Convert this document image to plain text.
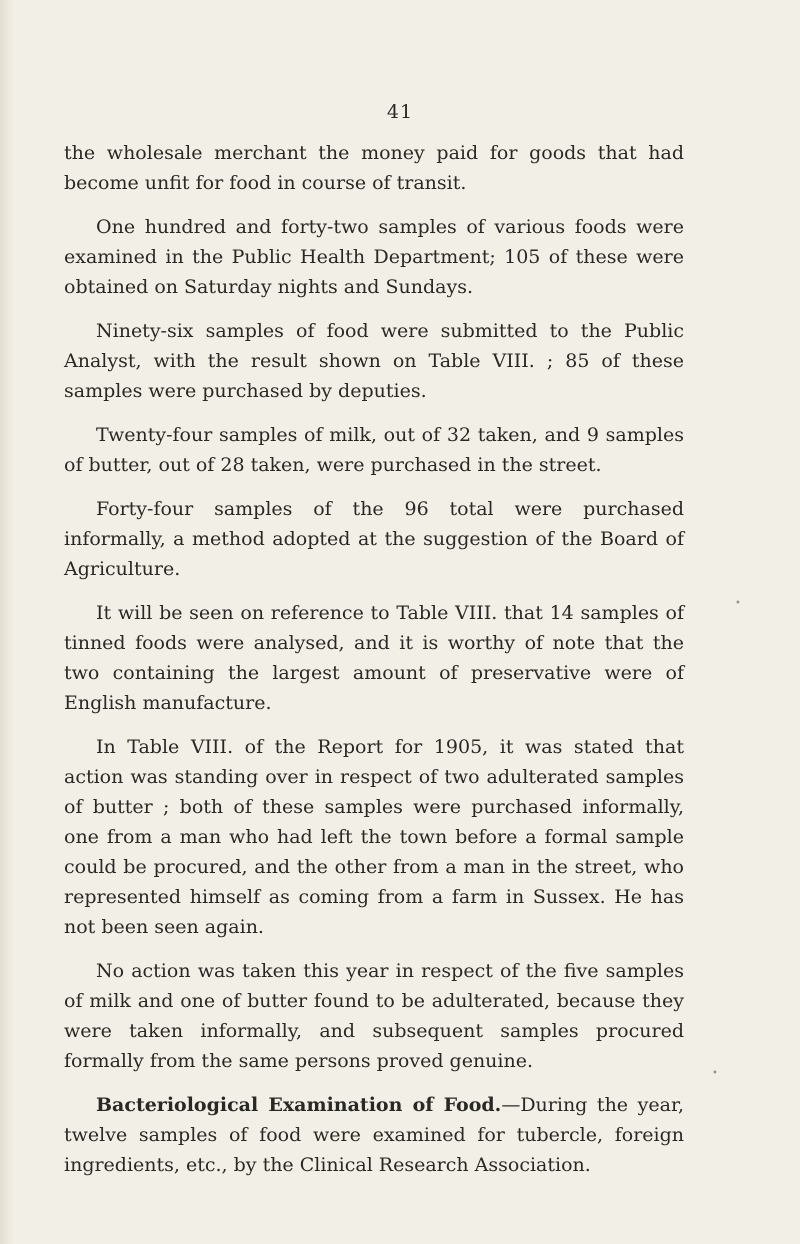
41

the wholesale merchant the money paid for goods that had become unfit for food in course of transit.

One hundred and forty-two samples of various foods were examined in the Public Health Department; 105 of these were obtained on Saturday nights and Sundays.

Ninety-six samples of food were submitted to the Public Analyst, with the result shown on Table VIII. ; 85 of these samples were purchased by deputies.

Twenty-four samples of milk, out of 32 taken, and 9 samples of butter, out of 28 taken, were purchased in the street.

Forty-four samples of the 96 total were purchased informally, a method adopted at the suggestion of the Board of Agriculture.

It will be seen on reference to Table VIII. that 14 samples of tinned foods were analysed, and it is worthy of note that the two containing the largest amount of preservative were of English manufacture.

In Table VIII. of the Report for 1905, it was stated that action was standing over in respect of two adulterated samples of butter ; both of these samples were purchased informally, one from a man who had left the town before a formal sample could be procured, and the other from a man in the street, who represented himself as coming from a farm in Sussex. He has not been seen again.

No action was taken this year in respect of the five samples of milk and one of butter found to be adulterated, because they were taken informally, and subsequent samples procured formally from the same persons proved genuine.

Bacteriological Examination of Food.—During the year, twelve samples of food were examined for tubercle, foreign ingredients, etc., by the Clinical Research Association.

•
•
